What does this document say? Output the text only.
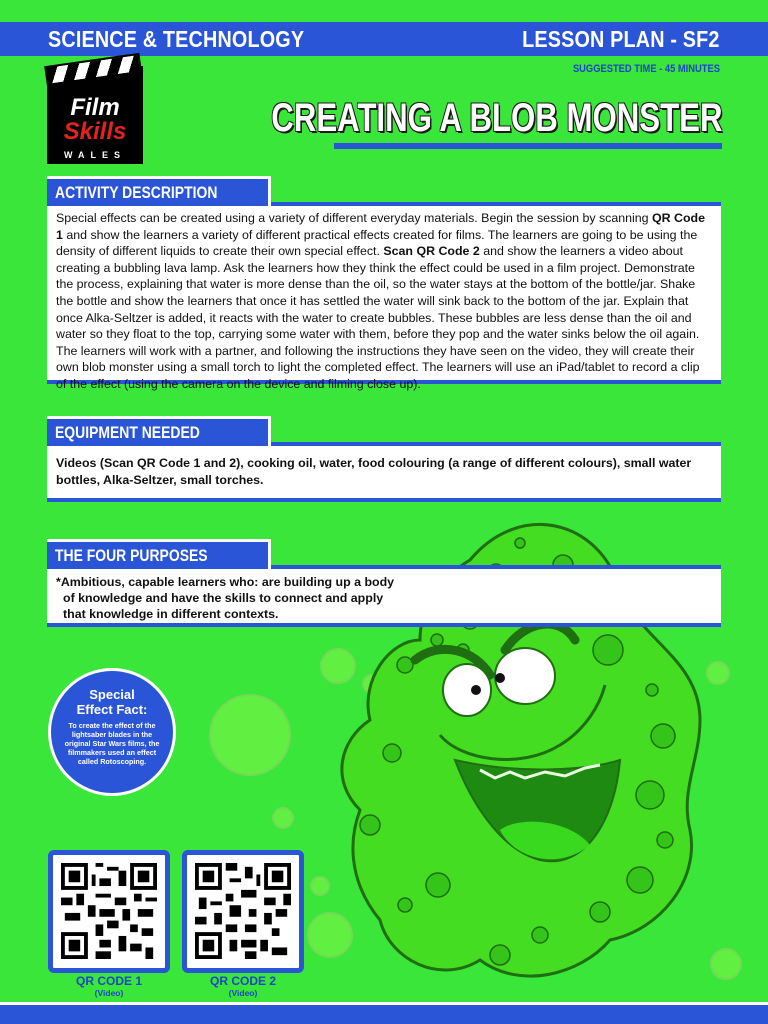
SCIENCE & TECHNOLOGY	LESSON PLAN - SF2
SUGGESTED TIME - 45 MINUTES
Film
Skills
WALES
CREATING A BLOB MONSTER
ACTIVITY DESCRIPTION
Special effects can be created using a variety of different everyday materials. Begin the session by scanning QR Code 1 and show the learners a variety of different practical effects created for films. The learners are going to be using the density of different liquids to create their own special effect. Scan QR Code 2 and show the learners a video about creating a bubbling lava lamp. Ask the learners how they think the effect could be used in a film project. Demonstrate the process, explaining that water is more dense than the oil, so the water stays at the bottom of the bottle/jar. Shake the bottle and show the learners that once it has settled the water will sink back to the bottom of the jar. Explain that once Alka-Seltzer is added, it reacts with the water to create bubbles. These bubbles are less dense than the oil and water so they float to the top, carrying some water with them, before they pop and the water sinks below the oil again. The learners will work with a partner, and following the instructions they have seen on the video, they will create their own blob monster using a small torch to light the completed effect. The learners will use an iPad/tablet to record a clip of the effect (using the camera on the device and filming close up).
EQUIPMENT NEEDED
Videos (Scan QR Code 1 and 2), cooking oil, water, food colouring (a range of different colours), small water bottles, Alka-Seltzer, small torches.
THE FOUR PURPOSES
*Ambitious, capable learners who: are building up a body
of knowledge and have the skills to connect and apply
that knowledge in different contexts.
Special
Effect Fact:
To create the effect of the lightsaber blades in the original Star Wars films, the filmmakers used an effect called Rotoscoping.
QR CODE 1
(Video)
QR CODE 2
(Video)
